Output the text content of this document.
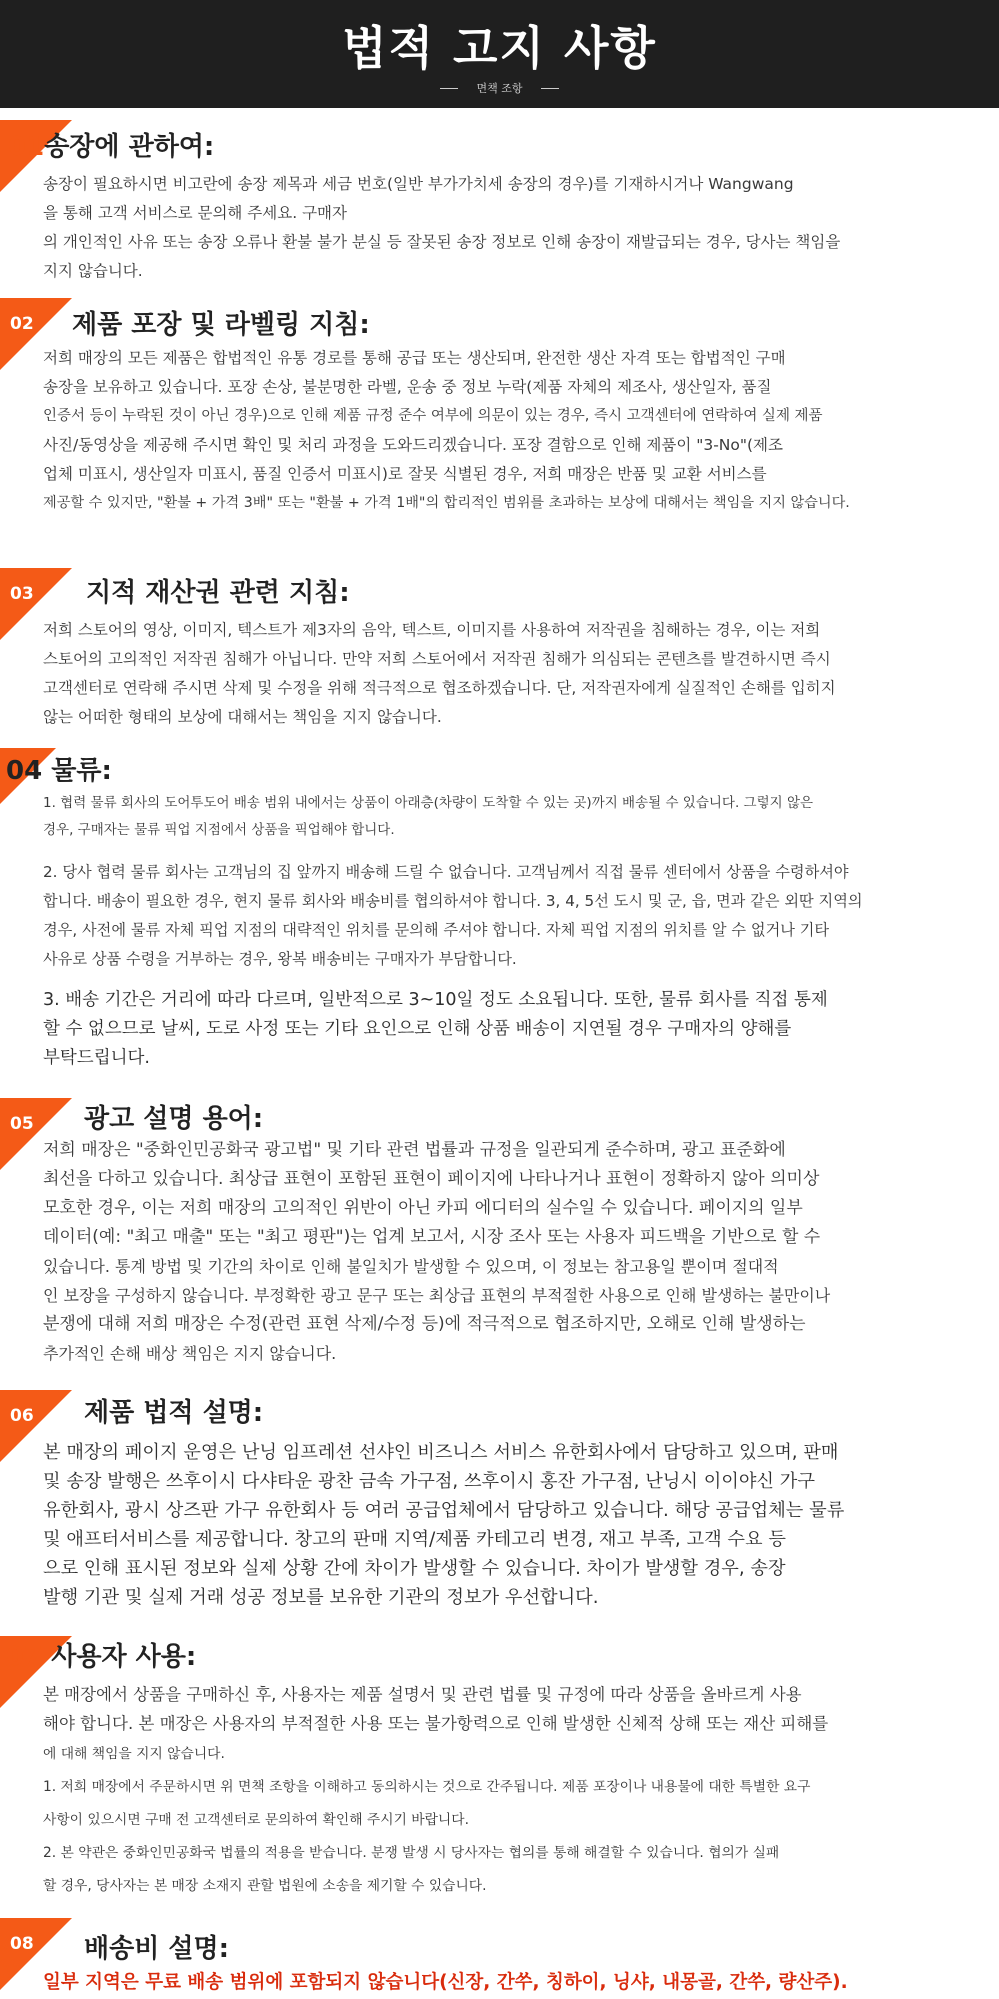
법적 고지 사항
면책 조항
01송장에 관하여:
송장이 필요하시면 비고란에 송장 제목과 세금 번호(일반 부가가치세 송장의 경우)를 기재하시거나 Wangwang
을 통해 고객 서비스로 문의해 주세요. 구매자
의 개인적인 사유 또는 송장 오류나 환불 불가 분실 등 잘못된 송장 정보로 인해 송장이 재발급되는 경우, 당사는 책임을
지지 않습니다.
02 제품 포장 및 라벨링 지침:
저희 매장의 모든 제품은 합법적인 유통 경로를 통해 공급 또는 생산되며, 완전한 생산 자격 또는 합법적인 구매
송장을 보유하고 있습니다. 포장 손상, 불분명한 라벨, 운송 중 정보 누락(제품 자체의 제조사, 생산일자, 품질
인증서 등이 누락된 것이 아닌 경우)으로 인해 제품 규정 준수 여부에 의문이 있는 경우, 즉시 고객센터에 연락하여 실제 제품
사진/동영상을 제공해 주시면 확인 및 처리 과정을 도와드리겠습니다. 포장 결함으로 인해 제품이 "3-No"(제조
업체 미표시, 생산일자 미표시, 품질 인증서 미표시)로 잘못 식별된 경우, 저희 매장은 반품 및 교환 서비스를
제공할 수 있지만, "환불 + 가격 3배" 또는 "환불 + 가격 1배"의 합리적인 범위를 초과하는 보상에 대해서는 책임을 지지 않습니다.
03 지적 재산권 관련 지침:
저희 스토어의 영상, 이미지, 텍스트가 제3자의 음악, 텍스트, 이미지를 사용하여 저작권을 침해하는 경우, 이는 저희
스토어의 고의적인 저작권 침해가 아닙니다. 만약 저희 스토어에서 저작권 침해가 의심되는 콘텐츠를 발견하시면 즉시
고객센터로 연락해 주시면 삭제 및 수정을 위해 적극적으로 협조하겠습니다. 단, 저작권자에게 실질적인 손해를 입히지
않는 어떠한 형태의 보상에 대해서는 책임을 지지 않습니다.
04 물류:
1. 협력 물류 회사의 도어투도어 배송 범위 내에서는 상품이 아래층(차량이 도착할 수 있는 곳)까지 배송될 수 있습니다. 그렇지 않은
경우, 구매자는 물류 픽업 지점에서 상품을 픽업해야 합니다.
2. 당사 협력 물류 회사는 고객님의 집 앞까지 배송해 드릴 수 없습니다. 고객님께서 직접 물류 센터에서 상품을 수령하셔야
합니다. 배송이 필요한 경우, 현지 물류 회사와 배송비를 협의하셔야 합니다. 3, 4, 5선 도시 및 군, 읍, 면과 같은 외딴 지역의
경우, 사전에 물류 자체 픽업 지점의 대략적인 위치를 문의해 주셔야 합니다. 자체 픽업 지점의 위치를 알 수 없거나 기타
사유로 상품 수령을 거부하는 경우, 왕복 배송비는 구매자가 부담합니다.
3. 배송 기간은 거리에 따라 다르며, 일반적으로 3~10일 정도 소요됩니다. 또한, 물류 회사를 직접 통제
할 수 없으므로 날씨, 도로 사정 또는 기타 요인으로 인해 상품 배송이 지연될 경우 구매자의 양해를
부탁드립니다.
05 광고 설명 용어:
저희 매장은 "중화인민공화국 광고법" 및 기타 관련 법률과 규정을 일관되게 준수하며, 광고 표준화에
최선을 다하고 있습니다. 최상급 표현이 포함된 표현이 페이지에 나타나거나 표현이 정확하지 않아 의미상
모호한 경우, 이는 저희 매장의 고의적인 위반이 아닌 카피 에디터의 실수일 수 있습니다. 페이지의 일부
데이터(예: "최고 매출" 또는 "최고 평판")는 업계 보고서, 시장 조사 또는 사용자 피드백을 기반으로 할 수
있습니다. 통계 방법 및 기간의 차이로 인해 불일치가 발생할 수 있으며, 이 정보는 참고용일 뿐이며 절대적
인 보장을 구성하지 않습니다. 부정확한 광고 문구 또는 최상급 표현의 부적절한 사용으로 인해 발생하는 불만이나
분쟁에 대해 저희 매장은 수정(관련 표현 삭제/수정 등)에 적극적으로 협조하지만, 오해로 인해 발생하는
추가적인 손해 배상 책임은 지지 않습니다.
06 제품 법적 설명:
본 매장의 페이지 운영은 난닝 임프레션 선샤인 비즈니스 서비스 유한회사에서 담당하고 있으며, 판매
및 송장 발행은 쓰후이시 다샤타운 광찬 금속 가구점, 쓰후이시 홍잔 가구점, 난닝시 이이야신 가구
유한회사, 광시 상즈판 가구 유한회사 등 여러 공급업체에서 담당하고 있습니다. 해당 공급업체는 물류
및 애프터서비스를 제공합니다. 창고의 판매 지역/제품 카테고리 변경, 재고 부족, 고객 수요 등
으로 인해 표시된 정보와 실제 상황 간에 차이가 발생할 수 있습니다. 차이가 발생할 경우, 송장
발행 기관 및 실제 거래 성공 정보를 보유한 기관의 정보가 우선합니다.
07 사용자 사용:
본 매장에서 상품을 구매하신 후, 사용자는 제품 설명서 및 관련 법률 및 규정에 따라 상품을 올바르게 사용
해야 합니다. 본 매장은 사용자의 부적절한 사용 또는 불가항력으로 인해 발생한 신체적 상해 또는 재산 피해를
에 대해 책임을 지지 않습니다.
1. 저희 매장에서 주문하시면 위 면책 조항을 이해하고 동의하시는 것으로 간주됩니다. 제품 포장이나 내용물에 대한 특별한 요구
사항이 있으시면 구매 전 고객센터로 문의하여 확인해 주시기 바랍니다.
2. 본 약관은 중화인민공화국 법률의 적용을 받습니다. 분쟁 발생 시 당사자는 협의를 통해 해결할 수 있습니다. 협의가 실패
할 경우, 당사자는 본 매장 소재지 관할 법원에 소송을 제기할 수 있습니다.
08 배송비 설명:
일부 지역은 무료 배송 범위에 포함되지 않습니다(신장, 간쑤, 칭하이, 닝샤, 내몽골, 간쑤, 량산주).
